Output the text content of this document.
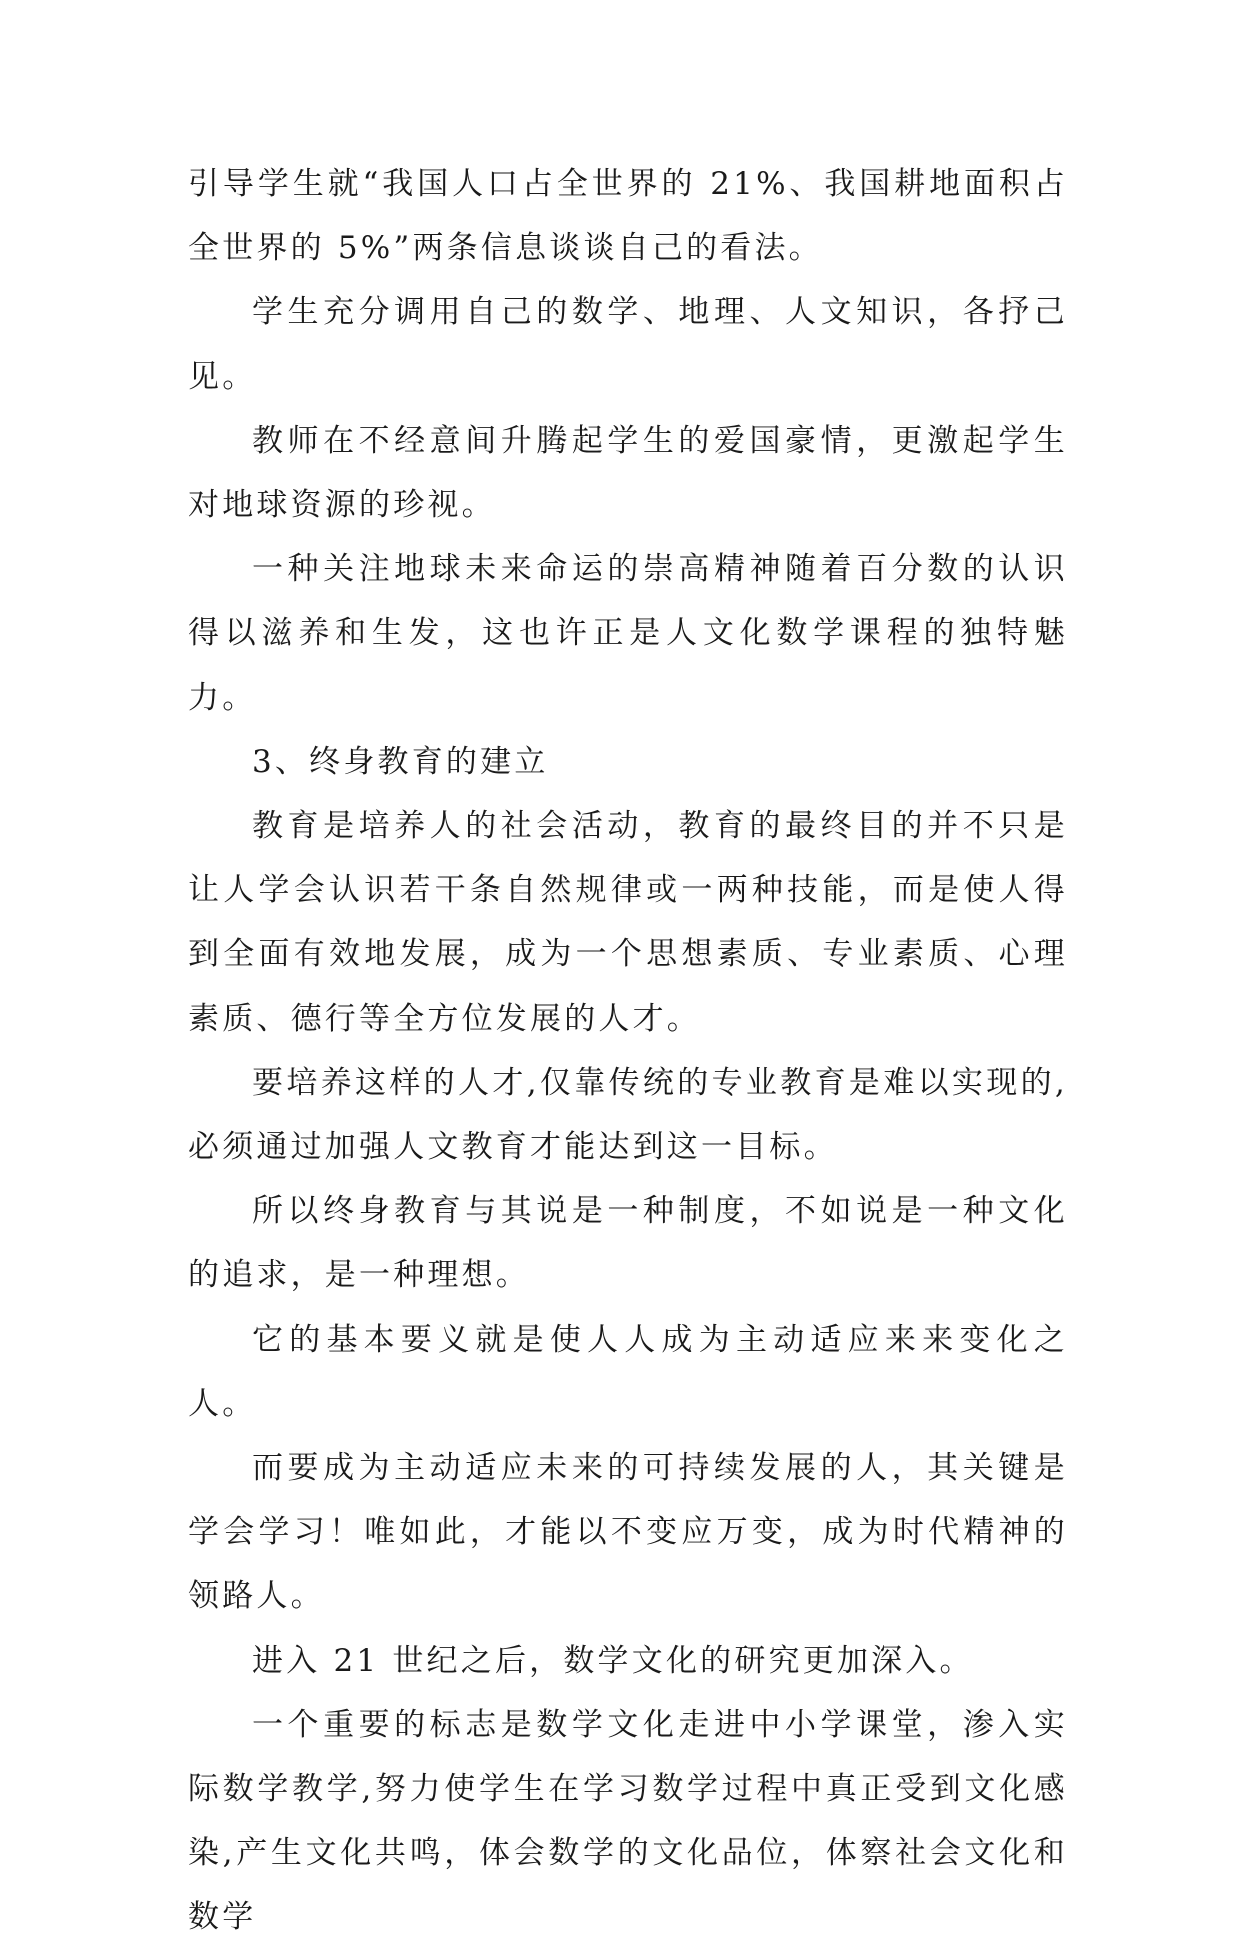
引导学生就“我国人口占全世界的 21%、我国耕地面积占全世界的 5%”两条信息谈谈自己的看法。

学生充分调用自己的数学、地理、人文知识，各抒己见。

教师在不经意间升腾起学生的爱国豪情，更激起学生对地球资源的珍视。

一种关注地球未来命运的崇高精神随着百分数的认识得以滋养和生发，这也许正是人文化数学课程的独特魅力。

3、终身教育的建立

教育是培养人的社会活动，教育的最终目的并不只是让人学会认识若干条自然规律或一两种技能，而是使人得到全面有效地发展，成为一个思想素质、专业素质、心理素质、德行等全方位发展的人才。

要培养这样的人才,仅靠传统的专业教育是难以实现的,必须通过加强人文教育才能达到这一目标。

所以终身教育与其说是一种制度，不如说是一种文化的追求，是一种理想。

它的基本要义就是使人人成为主动适应来来变化之人。

而要成为主动适应未来的可持续发展的人，其关键是学会学习！唯如此，才能以不变应万变，成为时代精神的领路人。

进入 21 世纪之后，数学文化的研究更加深入。

一个重要的标志是数学文化走进中小学课堂，渗入实际数学教学,努力使学生在学习数学过程中真正受到文化感染,产生文化共鸣，体会数学的文化品位，体察社会文化和数学
